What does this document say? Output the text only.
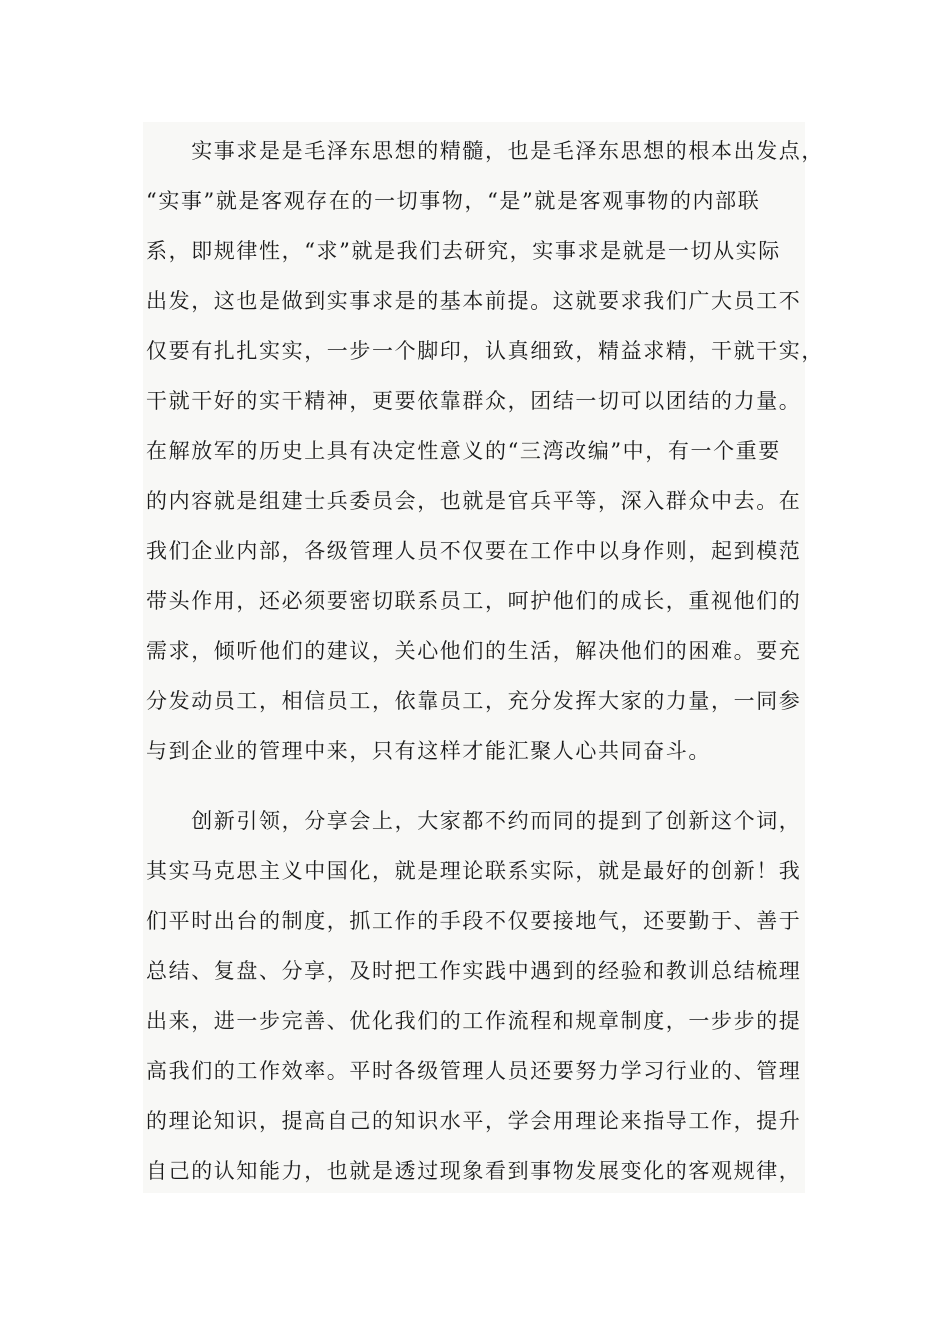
　　实事求是是毛泽东思想的精髓，也是毛泽东思想的根本出发点，
“实事”就是客观存在的一切事物，“是”就是客观事物的内部联
系，即规律性，“求”就是我们去研究，实事求是就是一切从实际
出发，这也是做到实事求是的基本前提。这就要求我们广大员工不
仅要有扎扎实实，一步一个脚印，认真细致，精益求精，干就干实，
干就干好的实干精神，更要依靠群众，团结一切可以团结的力量。
在解放军的历史上具有决定性意义的“三湾改编”中，有一个重要
的内容就是组建士兵委员会，也就是官兵平等，深入群众中去。在
我们企业内部，各级管理人员不仅要在工作中以身作则，起到模范
带头作用，还必须要密切联系员工，呵护他们的成长，重视他们的
需求，倾听他们的建议，关心他们的生活，解决他们的困难。要充
分发动员工，相信员工，依靠员工，充分发挥大家的力量，一同参
与到企业的管理中来，只有这样才能汇聚人心共同奋斗。
　　创新引领，分享会上，大家都不约而同的提到了创新这个词，
其实马克思主义中国化，就是理论联系实际，就是最好的创新！我
们平时出台的制度，抓工作的手段不仅要接地气，还要勤于、善于
总结、复盘、分享，及时把工作实践中遇到的经验和教训总结梳理
出来，进一步完善、优化我们的工作流程和规章制度，一步步的提
高我们的工作效率。平时各级管理人员还要努力学习行业的、管理
的理论知识，提高自己的知识水平，学会用理论来指导工作，提升
自己的认知能力，也就是透过现象看到事物发展变化的客观规律，
